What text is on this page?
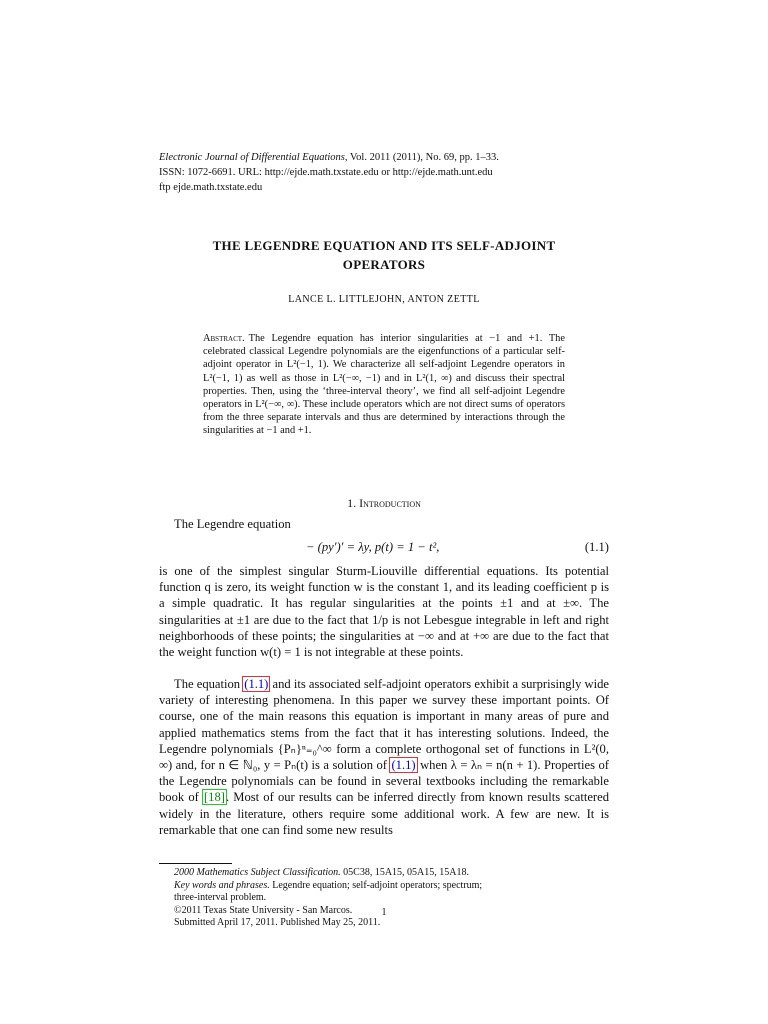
Electronic Journal of Differential Equations, Vol. 2011 (2011), No. 69, pp. 1–33.
ISSN: 1072-6691. URL: http://ejde.math.txstate.edu or http://ejde.math.unt.edu
ftp ejde.math.txstate.edu
THE LEGENDRE EQUATION AND ITS SELF-ADJOINT
OPERATORS
LANCE L. LITTLEJOHN, ANTON ZETTL
Abstract. The Legendre equation has interior singularities at −1 and +1. The celebrated classical Legendre polynomials are the eigenfunctions of a particular self-adjoint operator in L²(−1, 1). We characterize all self-adjoint Legendre operators in L²(−1, 1) as well as those in L²(−∞, −1) and in L²(1, ∞) and discuss their spectral properties. Then, using the ‘three-interval theory’, we find all self-adjoint Legendre operators in L²(−∞, ∞). These include operators which are not direct sums of operators from the three separate intervals and thus are determined by interactions through the singularities at −1 and +1.
1. Introduction
The Legendre equation
− (py′)′ = λy, p(t) = 1 − t²,	(1.1)
is one of the simplest singular Sturm-Liouville differential equations. Its potential function q is zero, its weight function w is the constant 1, and its leading coefficient p is a simple quadratic. It has regular singularities at the points ±1 and at ±∞. The singularities at ±1 are due to the fact that 1/p is not Lebesgue integrable in left and right neighborhoods of these points; the singularities at −∞ and at +∞ are due to the fact that the weight function w(t) = 1 is not integrable at these points.
The equation (1.1) and its associated self-adjoint operators exhibit a surprisingly wide variety of interesting phenomena. In this paper we survey these important points. Of course, one of the main reasons this equation is important in many areas of pure and applied mathematics stems from the fact that it has interesting solutions. Indeed, the Legendre polynomials {Pₙ}ⁿ₌₀^∞ form a complete orthogonal set of functions in L²(0, ∞) and, for n ∈ ℕ₀, y = Pₙ(t) is a solution of (1.1) when λ = λₙ = n(n + 1). Properties of the Legendre polynomials can be found in several textbooks including the remarkable book of [18]. Most of our results can be inferred directly from known results scattered widely in the literature, others require some additional work. A few are new. It is remarkable that one can find some new results
2000 Mathematics Subject Classification. 05C38, 15A15, 05A15, 15A18.
Key words and phrases. Legendre equation; self-adjoint operators; spectrum;
three-interval problem.
©2011 Texas State University - San Marcos.
Submitted April 17, 2011. Published May 25, 2011.
1
